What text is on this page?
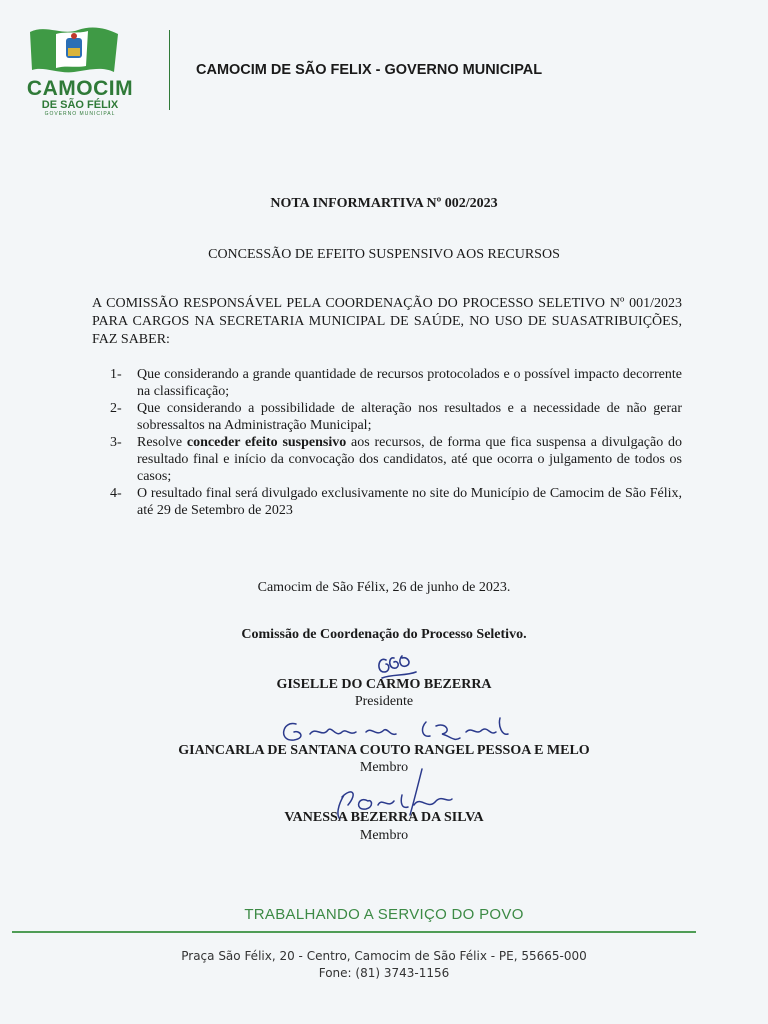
CAMOCIM
DE SÃO FÉLIX
GOVERNO MUNICIPAL
CAMOCIM DE SÃO FELIX - GOVERNO MUNICIPAL
NOTA INFORMARTIVA Nº 002/2023
CONCESSÃO DE EFEITO SUSPENSIVO AOS RECURSOS
A COMISSÃO RESPONSÁVEL PELA COORDENAÇÃO DO PROCESSO SELETIVO Nº 001/2023 PARA CARGOS NA SECRETARIA MUNICIPAL DE SAÚDE, NO USO DE SUASATRIBUIÇÕES, FAZ SABER:
1- Que considerando a grande quantidade de recursos protocolados e o possível impacto decorrente na classificação;
2- Que considerando a possibilidade de alteração nos resultados e a necessidade de não gerar sobressaltos na Administração Municipal;
3- Resolve conceder efeito suspensivo aos recursos, de forma que fica suspensa a divulgação do resultado final e início da convocação dos candidatos, até que ocorra o julgamento de todos os casos;
4- O resultado final será divulgado exclusivamente no site do Município de Camocim de São Félix, até 29 de Setembro de 2023
Camocim de São Félix, 26 de junho de 2023.
Comissão de Coordenação do Processo Seletivo.
GISELLE DO CARMO BEZERRA
Presidente
GIANCARLA DE SANTANA COUTO RANGEL PESSOA E MELO
Membro
VANESSA BEZERRA DA SILVA
Membro
TRABALHANDO A SERVIÇO DO POVO
Praça São Félix, 20 - Centro, Camocim de São Félix - PE, 55665-000
Fone: (81) 3743-1156
